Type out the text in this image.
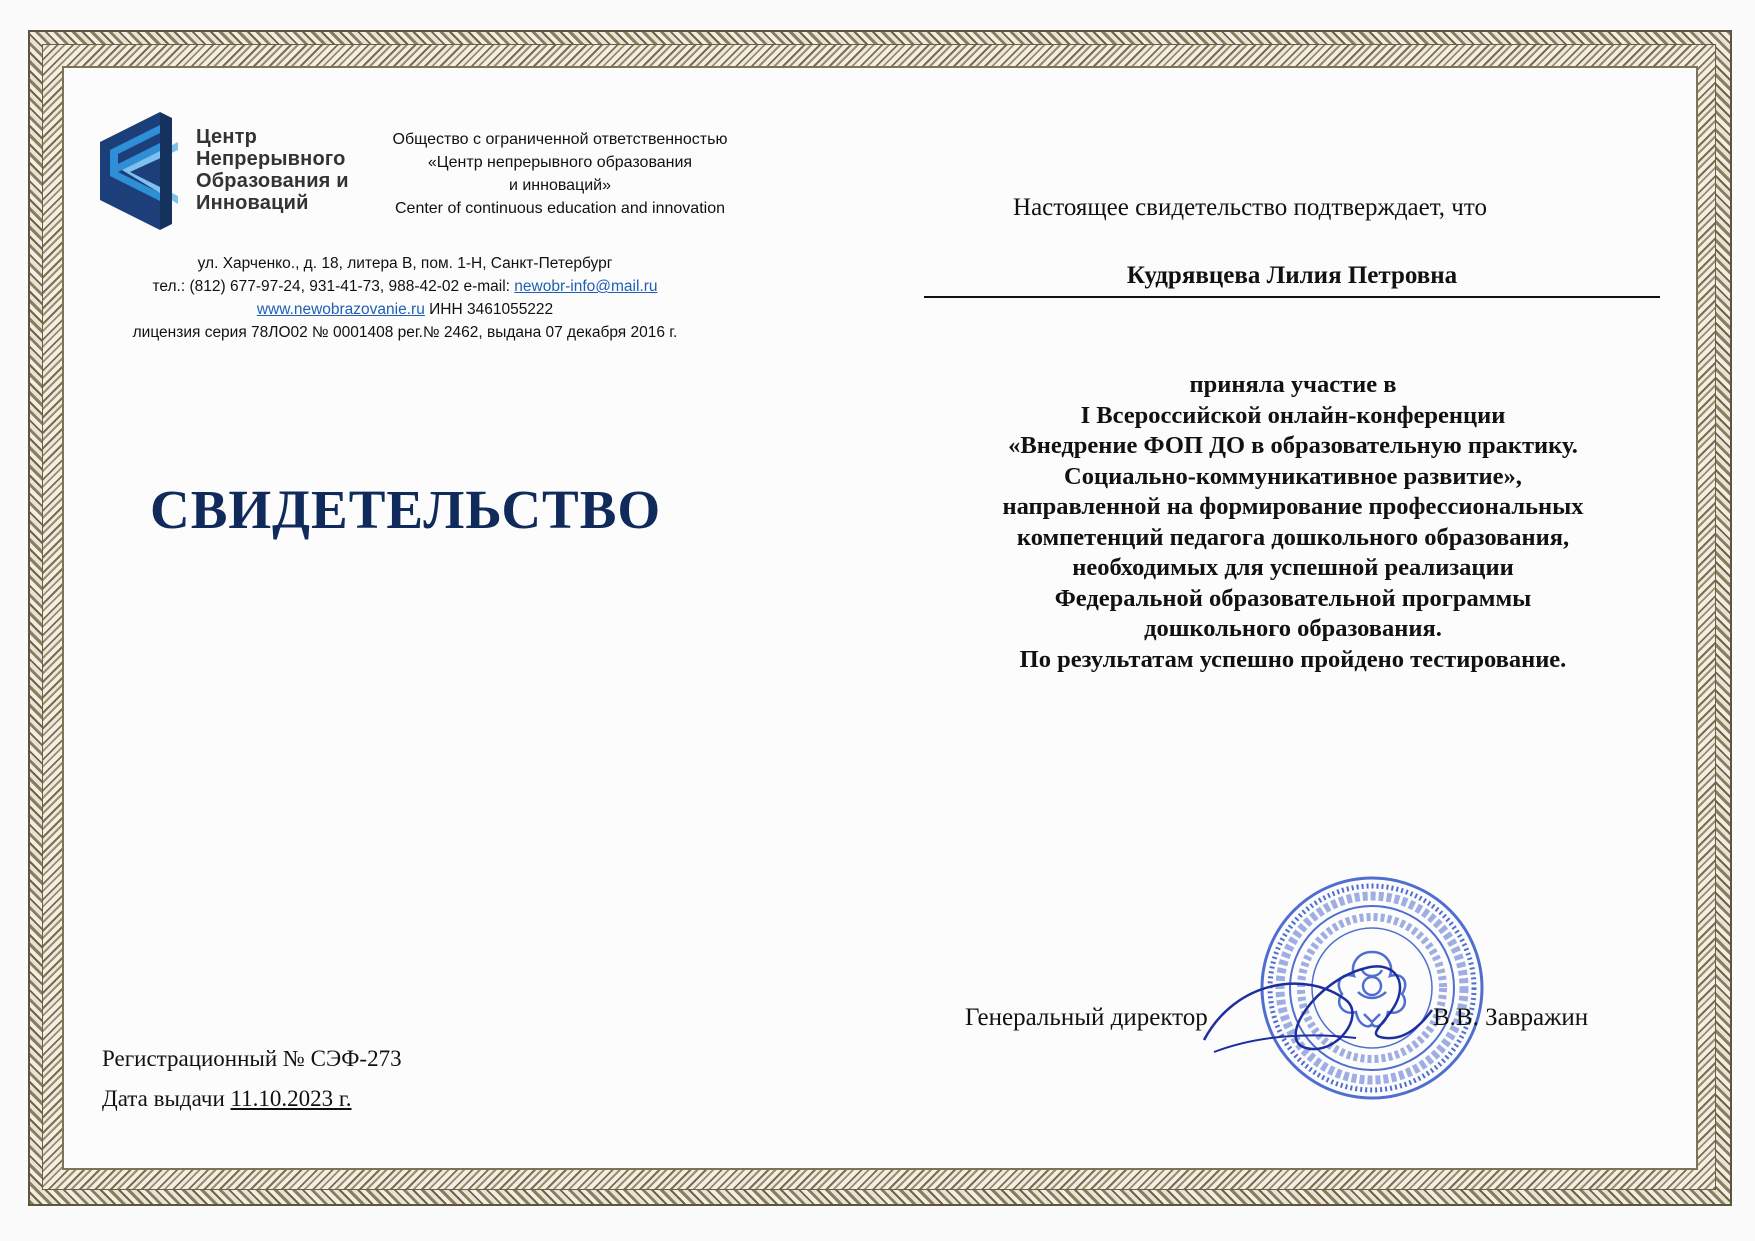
Центр
Непрерывного
Образования и
Инноваций
Общество с ограниченной ответственностью
«Центр непрерывного образования
и инноваций»
Center of continuous education and innovation
ул. Харченко., д. 18, литера В, пом. 1-Н, Санкт-Петербург
тел.: (812) 677-97-24, 931-41-73, 988-42-02 e-mail: newobr-info@mail.ru
www.newobrazovanie.ru ИНН 3461055222
лицензия серия 78ЛО02 № 0001408 рег.№ 2462, выдана 07 декабря 2016 г.
СВИДЕТЕЛЬСТВО
Настоящее свидетельство подтверждает, что
Кудрявцева Лилия Петровна
приняла участие в
I Всероссийской онлайн-конференции
«Внедрение ФОП ДО в образовательную практику.
Социально-коммуникативное развитие»,
направленной на формирование профессиональных
компетенций педагога дошкольного образования,
необходимых для успешной реализации
Федеральной образовательной программы
дошкольного образования.
По результатам успешно пройдено тестирование.
Генеральный директор	В.В. Завражин
Регистрационный № СЭФ-273
Дата выдачи 11.10.2023 г.
